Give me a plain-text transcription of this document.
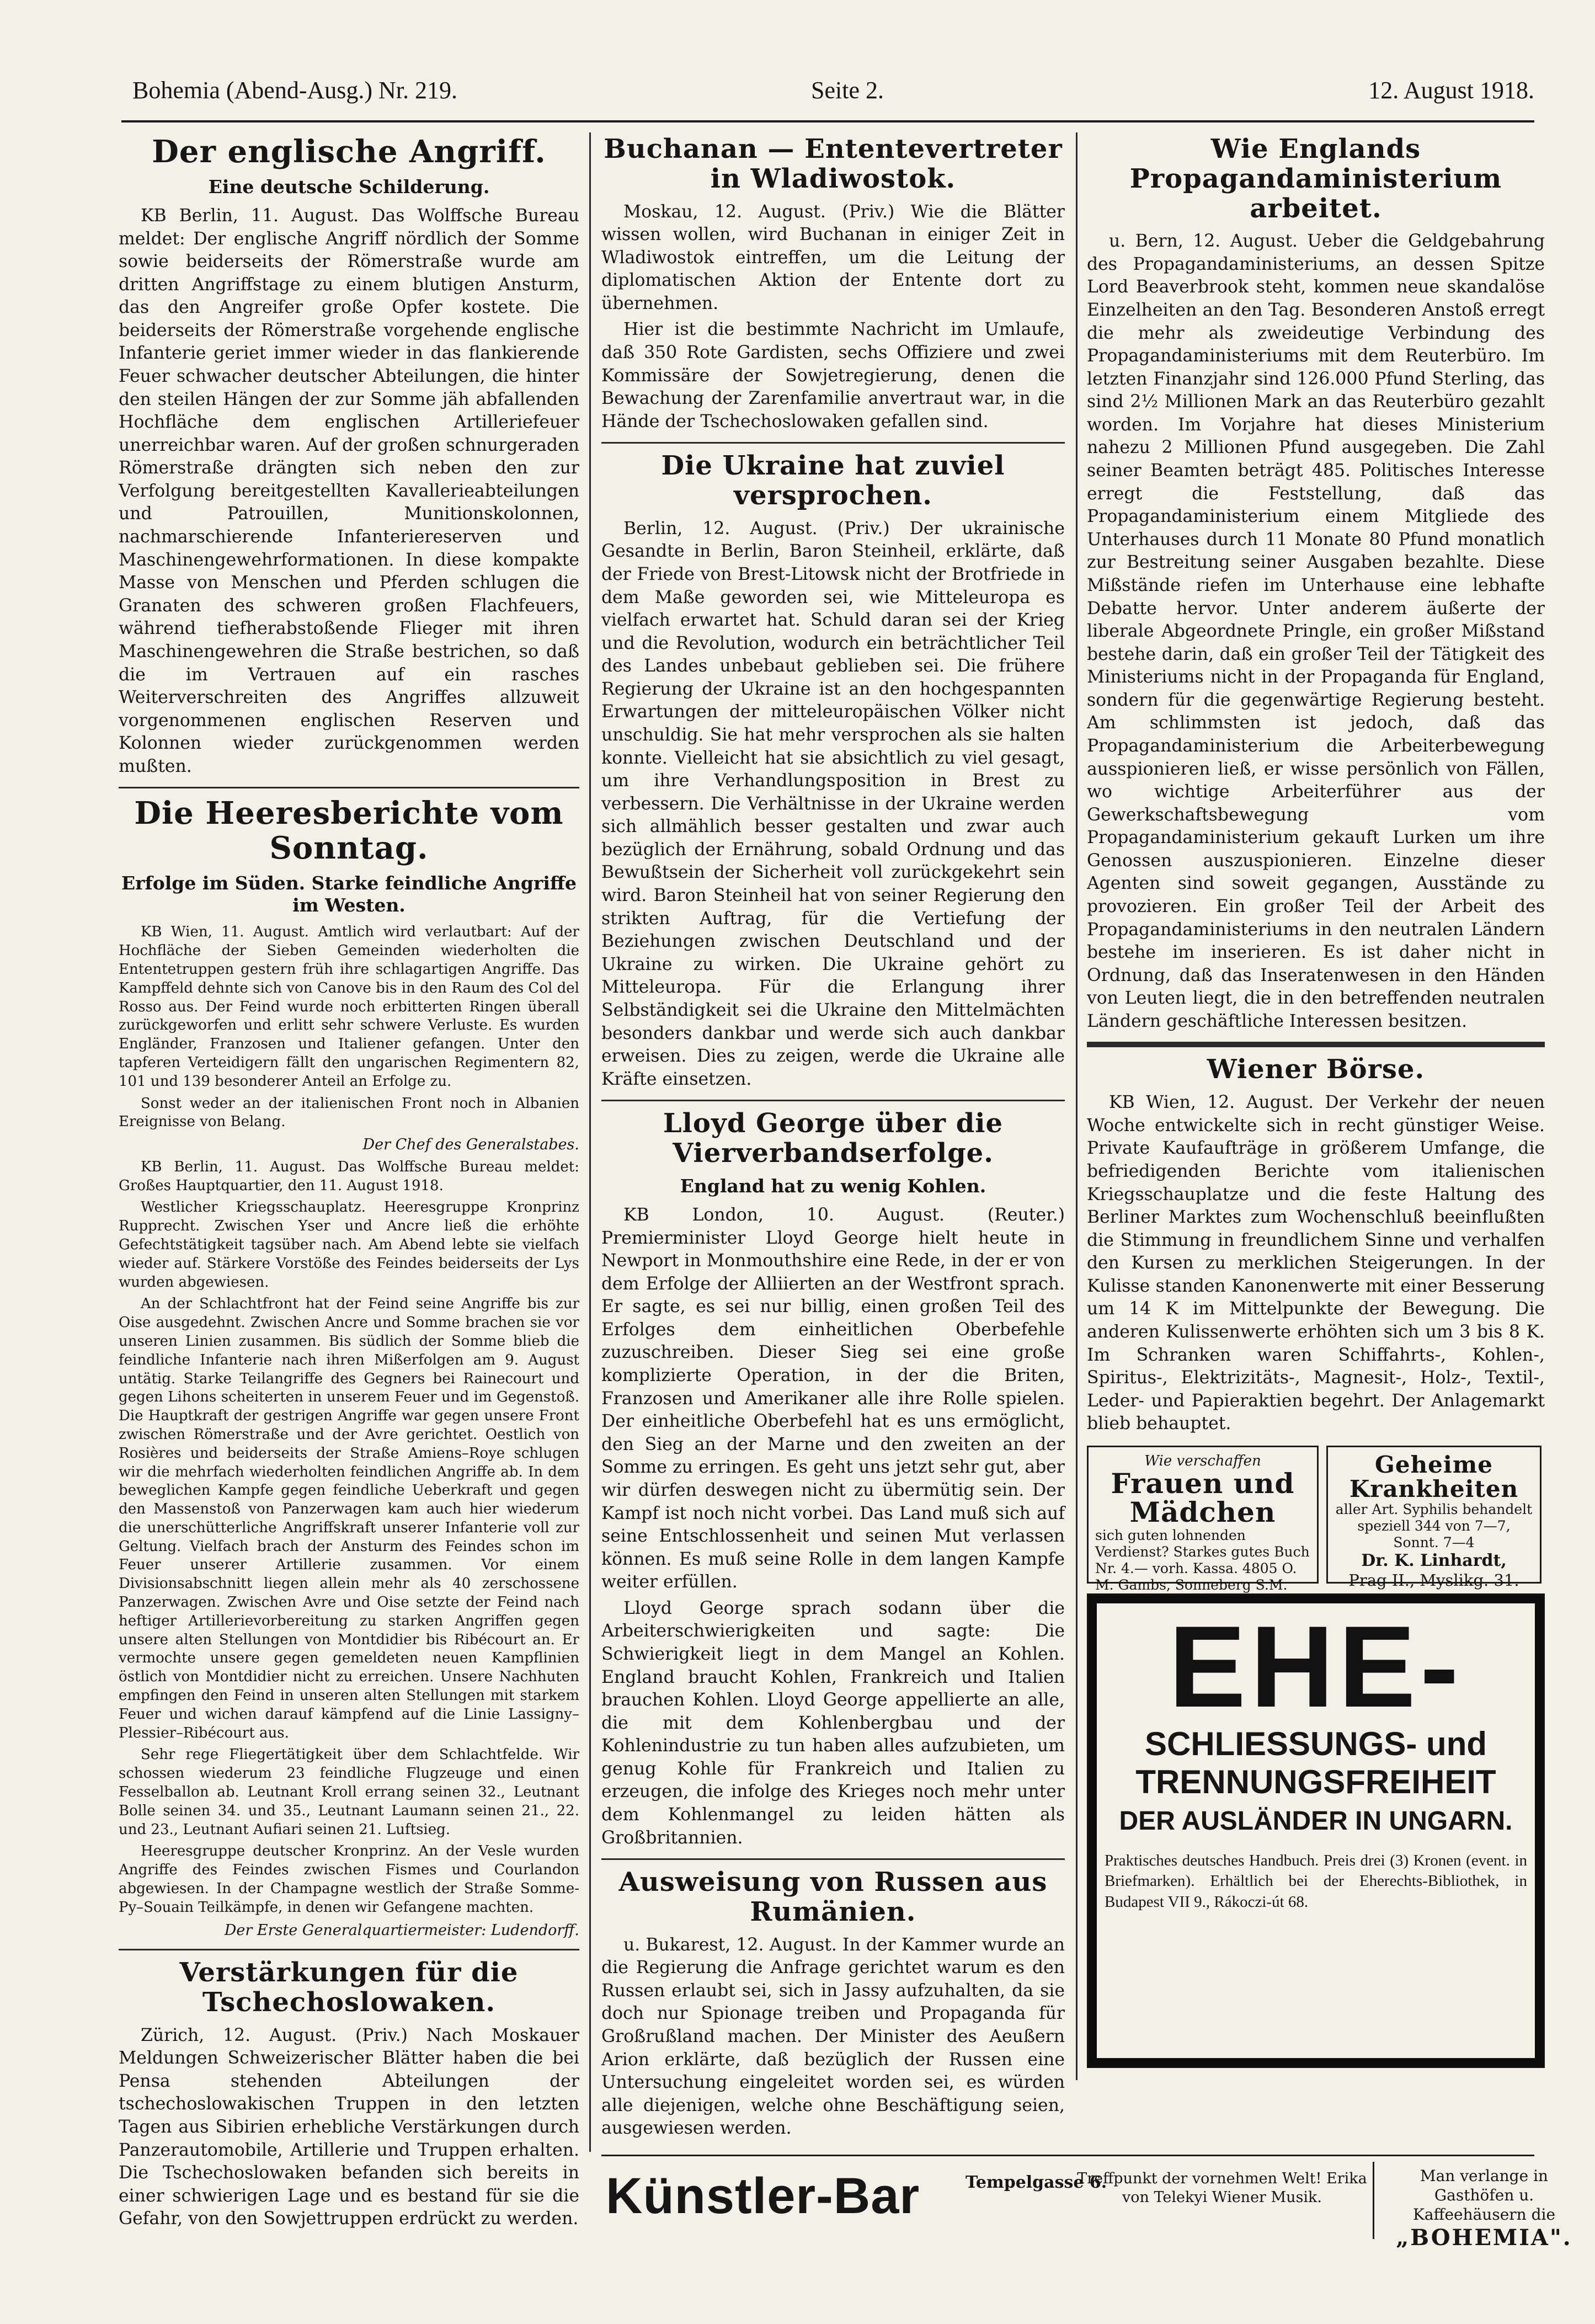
Bohemia (Abend-Ausg.) Nr. 219.	Seite 2.	12. August 1918.
Der englische Angriff.
Eine deutsche Schilderung.

KB Berlin, 11. August. Das Wolffsche Bureau meldet: Der englische Angriff nördlich der Somme sowie beiderseits der Römerstraße wurde am dritten Angriffstage zu einem blutigen Ansturm, das den Angreifer große Opfer kostete. Die beiderseits der Römerstraße vorgehende englische Infanterie geriet immer wieder in das flankierende Feuer schwacher deutscher Abteilungen, die hinter den steilen Hängen der zur Somme jäh abfallenden Hochfläche dem englischen Artilleriefeuer unerreichbar waren. Auf der großen schnurgeraden Römerstraße drängten sich neben den zur Verfolgung bereitgestellten Kavallerieabteilungen und Patrouillen, Munitionskolonnen, nachmarschierende Infanteriereserven und Maschinengewehrformationen. In diese kompakte Masse von Menschen und Pferden schlugen die Granaten des schweren großen Flachfeuers, während tiefherabstoßende Flieger mit ihren Maschinengewehren die Straße bestrichen, so daß die im Vertrauen auf ein rasches Weiterverschreiten des Angriffes allzuweit vorgenommenen englischen Reserven und Kolonnen wieder zurückgenommen werden mußten.

Die Heeresberichte vom Sonntag.
Erfolge im Süden. Starke feindliche Angriffe im Westen.

KB Wien, 11. August. Amtlich wird verlautbart: Auf der Hochfläche der Sieben Gemeinden wiederholten die Ententetruppen gestern früh ihre schlagartigen Angriffe. Das Kampffeld dehnte sich von Canove bis in den Raum des Col del Rosso aus. Der Feind wurde noch erbitterten Ringen überall zurückgeworfen und erlitt sehr schwere Verluste. Es wurden Engländer, Franzosen und Italiener gefangen. Unter den tapferen Verteidigern fällt den ungarischen Regimentern 82, 101 und 139 besonderer Anteil an Erfolge zu.

Sonst weder an der italienischen Front noch in Albanien Ereignisse von Belang.

Der Chef des Generalstabes.

KB Berlin, 11. August. Das Wolffsche Bureau meldet: Großes Hauptquartier, den 11. August 1918.

Westlicher Kriegsschauplatz. Heeresgruppe Kronprinz Rupprecht. Zwischen Yser und Ancre ließ die erhöhte Gefechtstätigkeit tagsüber nach. Am Abend lebte sie vielfach wieder auf. Stärkere Vorstöße des Feindes beiderseits der Lys wurden abgewiesen.

An der Schlachtfront hat der Feind seine Angriffe bis zur Oise ausgedehnt. Zwischen Ancre und Somme brachen sie vor unseren Linien zusammen. Bis südlich der Somme blieb die feindliche Infanterie nach ihren Mißerfolgen am 9. August untätig. Starke Teilangriffe des Gegners bei Rainecourt und gegen Lihons scheiterten in unserem Feuer und im Gegenstoß. Die Hauptkraft der gestrigen Angriffe war gegen unsere Front zwischen Römerstraße und der Avre gerichtet. Oestlich von Rosières und beiderseits der Straße Amiens–Roye schlugen wir die mehrfach wiederholten feindlichen Angriffe ab. In dem beweglichen Kampfe gegen feindliche Ueberkraft und gegen den Massenstoß von Panzerwagen kam auch hier wiederum die unerschütterliche Angriffskraft unserer Infanterie voll zur Geltung. Vielfach brach der Ansturm des Feindes schon im Feuer unserer Artillerie zusammen. Vor einem Divisionsabschnitt liegen allein mehr als 40 zerschossene Panzerwagen. Zwischen Avre und Oise setzte der Feind nach heftiger Artillerievorbereitung zu starken Angriffen gegen unsere alten Stellungen von Montdidier bis Ribécourt an. Er vermochte unsere gegen gemeldeten neuen Kampflinien östlich von Montdidier nicht zu erreichen. Unsere Nachhuten empfingen den Feind in unseren alten Stellungen mit starkem Feuer und wichen darauf kämpfend auf die Linie Lassigny–Plessier–Ribécourt aus.

Sehr rege Fliegertätigkeit über dem Schlachtfelde. Wir schossen wiederum 23 feindliche Flugzeuge und einen Fesselballon ab. Leutnant Kroll errang seinen 32., Leutnant Bolle seinen 34. und 35., Leutnant Laumann seinen 21., 22. und 23., Leutnant Aufiari seinen 21. Luftsieg.

Heeresgruppe deutscher Kronprinz. An der Vesle wurden Angriffe des Feindes zwischen Fismes und Courlandon abgewiesen. In der Champagne westlich der Straße Somme-Py–Souain Teilkämpfe, in denen wir Gefangene machten.

Der Erste Generalquartiermeister: Ludendorff.

Verstärkungen für die Tschechoslowaken.

Zürich, 12. August. (Priv.) Nach Moskauer Meldungen Schweizerischer Blätter haben die bei Pensa stehenden Abteilungen der tschechoslowakischen Truppen in den letzten Tagen aus Sibirien erhebliche Verstärkungen durch Panzerautomobile, Artillerie und Truppen erhalten. Die Tschechoslowaken befanden sich bereits in einer schwierigen Lage und es bestand für sie die Gefahr, von den Sowjettruppen erdrückt zu werden.

Buchanan — Ententevertreter in Wladiwostok.

Moskau, 12. August. (Priv.) Wie die Blätter wissen wollen, wird Buchanan in einiger Zeit in Wladiwostok eintreffen, um die Leitung der diplomatischen Aktion der Entente dort zu übernehmen.

Hier ist die bestimmte Nachricht im Umlaufe, daß 350 Rote Gardisten, sechs Offiziere und zwei Kommissäre der Sowjetregierung, denen die Bewachung der Zarenfamilie anvertraut war, in die Hände der Tschechoslowaken gefallen sind.

Die Ukraine hat zuviel versprochen.

Berlin, 12. August. (Priv.) Der ukrainische Gesandte in Berlin, Baron Steinheil, erklärte, daß der Friede von Brest-Litowsk nicht der Brotfriede in dem Maße geworden sei, wie Mitteleuropa es vielfach erwartet hat. Schuld daran sei der Krieg und die Revolution, wodurch ein beträchtlicher Teil des Landes unbebaut geblieben sei. Die frühere Regierung der Ukraine ist an den hochgespannten Erwartungen der mitteleuropäischen Völker nicht unschuldig. Sie hat mehr versprochen als sie halten konnte. Vielleicht hat sie absichtlich zu viel gesagt, um ihre Verhandlungsposition in Brest zu verbessern. Die Verhältnisse in der Ukraine werden sich allmählich besser gestalten und zwar auch bezüglich der Ernährung, sobald Ordnung und das Bewußtsein der Sicherheit voll zurückgekehrt sein wird. Baron Steinheil hat von seiner Regierung den strikten Auftrag, für die Vertiefung der Beziehungen zwischen Deutschland und der Ukraine zu wirken. Die Ukraine gehört zu Mitteleuropa. Für die Erlangung ihrer Selbständigkeit sei die Ukraine den Mittelmächten besonders dankbar und werde sich auch dankbar erweisen. Dies zu zeigen, werde die Ukraine alle Kräfte einsetzen.

Lloyd George über die Vierverbandserfolge.
England hat zu wenig Kohlen.

KB London, 10. August. (Reuter.) Premierminister Lloyd George hielt heute in Newport in Monmouthshire eine Rede, in der er von dem Erfolge der Alliierten an der Westfront sprach. Er sagte, es sei nur billig, einen großen Teil des Erfolges dem einheitlichen Oberbefehle zuzuschreiben. Dieser Sieg sei eine große komplizierte Operation, in der die Briten, Franzosen und Amerikaner alle ihre Rolle spielen. Der einheitliche Oberbefehl hat es uns ermöglicht, den Sieg an der Marne und den zweiten an der Somme zu erringen. Es geht uns jetzt sehr gut, aber wir dürfen deswegen nicht zu übermütig sein. Der Kampf ist noch nicht vorbei. Das Land muß sich auf seine Entschlossenheit und seinen Mut verlassen können. Es muß seine Rolle in dem langen Kampfe weiter erfüllen.

Lloyd George sprach sodann über die Arbeiterschwierigkeiten und sagte: Die Schwierigkeit liegt in dem Mangel an Kohlen. England braucht Kohlen, Frankreich und Italien brauchen Kohlen. Lloyd George appellierte an alle, die mit dem Kohlenbergbau und der Kohlenindustrie zu tun haben alles aufzubieten, um genug Kohle für Frankreich und Italien zu erzeugen, die infolge des Krieges noch mehr unter dem Kohlenmangel zu leiden hätten als Großbritannien.

Ausweisung von Russen aus Rumänien.

u. Bukarest, 12. August. In der Kammer wurde an die Regierung die Anfrage gerichtet warum es den Russen erlaubt sei, sich in Jassy aufzuhalten, da sie doch nur Spionage treiben und Propaganda für Großrußland machen. Der Minister des Aeußern Arion erklärte, daß bezüglich der Russen eine Untersuchung eingeleitet worden sei, es würden alle diejenigen, welche ohne Beschäftigung seien, ausgewiesen werden.

Wie Englands Propagandaministerium arbeitet.

u. Bern, 12. August. Ueber die Geldgebahrung des Propagandaministeriums, an dessen Spitze Lord Beaverbrook steht, kommen neue skandalöse Einzelheiten an den Tag. Besonderen Anstoß erregt die mehr als zweideutige Verbindung des Propagandaministeriums mit dem Reuterbüro. Im letzten Finanzjahr sind 126.000 Pfund Sterling, das sind 2½ Millionen Mark an das Reuterbüro gezahlt worden. Im Vorjahre hat dieses Ministerium nahezu 2 Millionen Pfund ausgegeben. Die Zahl seiner Beamten beträgt 485. Politisches Interesse erregt die Feststellung, daß das Propagandaministerium einem Mitgliede des Unterhauses durch 11 Monate 80 Pfund monatlich zur Bestreitung seiner Ausgaben bezahlte. Diese Mißstände riefen im Unterhause eine lebhafte Debatte hervor. Unter anderem äußerte der liberale Abgeordnete Pringle, ein großer Mißstand bestehe darin, daß ein großer Teil der Tätigkeit des Ministeriums nicht in der Propaganda für England, sondern für die gegenwärtige Regierung besteht. Am schlimmsten ist jedoch, daß das Propagandaministerium die Arbeiterbewegung ausspionieren ließ, er wisse persönlich von Fällen, wo wichtige Arbeiterführer aus der Gewerkschaftsbewegung vom Propagandaministerium gekauft Lurken um ihre Genossen auszuspionieren. Einzelne dieser Agenten sind soweit gegangen, Ausstände zu provozieren. Ein großer Teil der Arbeit des Propagandaministeriums in den neutralen Ländern bestehe im inserieren. Es ist daher nicht in Ordnung, daß das Inseratenwesen in den Händen von Leuten liegt, die in den betreffenden neutralen Ländern geschäftliche Interessen besitzen.

Wiener Börse.

KB Wien, 12. August. Der Verkehr der neuen Woche entwickelte sich in recht günstiger Weise. Private Kaufaufträge in größerem Umfange, die befriedigenden Berichte vom italienischen Kriegsschauplatze und die feste Haltung des Berliner Marktes zum Wochenschluß beeinflußten die Stimmung in freundlichem Sinne und verhalfen den Kursen zu merklichen Steigerungen. In der Kulisse standen Kanonenwerte mit einer Besserung um 14 K im Mittelpunkte der Bewegung. Die anderen Kulissenwerte erhöhten sich um 3 bis 8 K. Im Schranken waren Schiffahrts-, Kohlen-, Spiritus-, Elektrizitäts-, Magnesit-, Holz-, Textil-, Leder- und Papieraktien begehrt. Der Anlagemarkt blieb behauptet.

Wie verschaffen
Frauen und Mädchen
sich guten lohnenden Verdienst? Starkes gutes Buch Nr. 4.— vorh. Kassa. 4805 O. M. Gambs, Sonneberg S.M.
Geheime Krankheiten
aller Art. Syphilis behandelt speziell 344 von 7—7, Sonnt. 7—4
Dr. K. Linhardt,
Prag II., Myslikg. 31.
EHE-
SCHLIESSUNGS- und
TRENNUNGSFREIHEIT
DER AUSLÄNDER IN UNGARN.
Praktisches deutsches Handbuch. Preis drei (3) Kronen (event. in Briefmarken). Erhältlich bei der Eherechts-Bibliothek, in Budapest VII 9., Rákoczi-út 68.
Künstler-Bar	Tempelgasse 6.
Treffpunkt der vornehmen Welt! Erika von Telekyi Wiener Musik.
Man verlange in Gasthöfen u. Kaffeehäusern die
„BOHEMIA".
